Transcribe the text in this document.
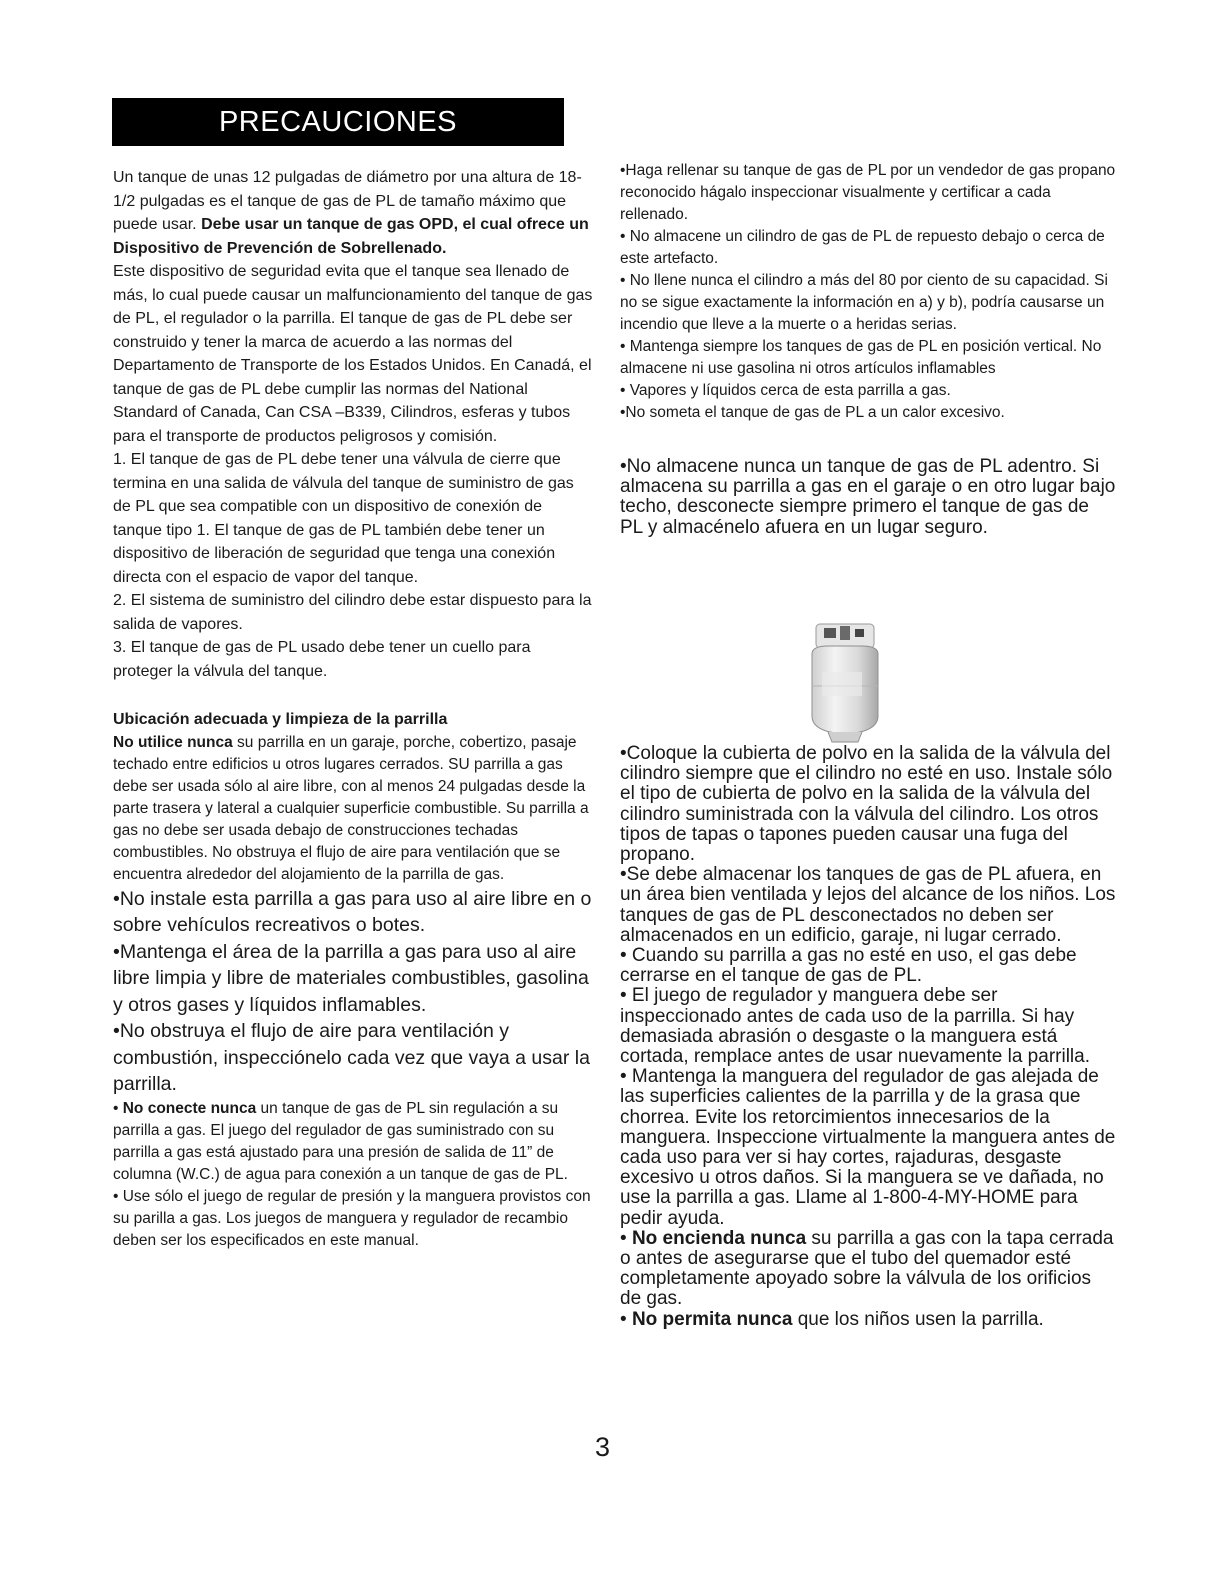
PRECAUCIONES

Un tanque de unas 12 pulgadas de diámetro por una altura de 18-1/2 pulgadas es el tanque de gas de PL de tamaño máximo que puede usar. Debe usar un tanque de gas OPD, el cual ofrece un Dispositivo de Prevención de Sobrellenado.

Este dispositivo de seguridad evita que el tanque sea llenado de más, lo cual puede causar un malfuncionamiento del tanque de gas de PL, el regulador o la parrilla. El tanque de gas de PL debe ser construido y tener la marca de acuerdo a las normas del Departamento de Transporte de los Estados Unidos. En Canadá, el tanque de gas de PL debe cumplir las normas del National Standard of Canada, Can CSA –B339, Cilindros, esferas y tubos para el transporte de productos peligrosos y comisión.

1. El tanque de gas de PL debe tener una válvula de cierre que termina en una salida de válvula del tanque de suministro de gas de PL que sea compatible con un dispositivo de conexión de tanque tipo 1. El tanque de gas de PL también debe tener un dispositivo de liberación de seguridad que tenga una conexión directa con el espacio de vapor del tanque.

2. El sistema de suministro del cilindro debe estar dispuesto para la salida de vapores.

3. El tanque de gas de PL usado debe tener un cuello para proteger la válvula del tanque.

Ubicación adecuada y limpieza de la parrilla

No utilice nunca su parrilla en un garaje, porche, cobertizo, pasaje techado entre edificios u otros lugares cerrados. SU parrilla a gas debe ser usada sólo al aire libre, con al menos 24 pulgadas desde la parte trasera y lateral a cualquier superficie combustible. Su parrilla a gas no debe ser usada debajo de construcciones techadas combustibles. No obstruya el flujo de aire para ventilación que se encuentra alrededor del alojamiento de la parrilla de gas.

•No instale esta parrilla a gas para uso al aire libre en o sobre vehículos recreativos o botes.

•Mantenga el área de la parrilla a gas para uso al aire libre limpia y libre de materiales combustibles, gasolina y otros gases y líquidos inflamables.

•No obstruya el flujo de aire para ventilación y combustión, inspecciónelo cada vez que vaya a usar la parrilla.

• No conecte nunca un tanque de gas de PL sin regulación a su parrilla a gas. El juego del regulador de gas suministrado con su parrilla a gas está ajustado para una presión de salida de 11” de columna (W.C.) de agua para conexión a un tanque de gas de PL.

• Use sólo el juego de regular de presión y la manguera provistos con su parilla a gas. Los juegos de manguera y regulador de recambio deben ser los especificados en este manual.

•Haga rellenar su tanque de gas de PL por un vendedor de gas propano reconocido hágalo inspeccionar visualmente y certificar a cada rellenado.

• No almacene un cilindro de gas de PL de repuesto debajo o cerca de este artefacto.

• No llene nunca el cilindro a más del 80 por ciento de su capacidad. Si no se sigue exactamente la información en a) y b), podría causarse un incendio que lleve a la muerte o a heridas serias.

• Mantenga siempre los tanques de gas de PL en posición vertical. No almacene ni use gasolina ni otros artículos inflamables

• Vapores y líquidos cerca de esta parrilla a gas.

•No someta el tanque de gas de PL a un calor excesivo.

•No almacene nunca un tanque de gas de PL adentro. Si almacena su parrilla a gas en el garaje o en otro lugar bajo techo, desconecte siempre primero el tanque de gas de PL y almacénelo afuera en un lugar seguro.

•Coloque la cubierta de polvo en la salida de la válvula del cilindro siempre que el cilindro no esté en uso. Instale sólo el tipo de cubierta de polvo en la salida de la válvula del cilindro suministrada con la válvula del cilindro. Los otros tipos de tapas o tapones pueden causar una fuga del propano.

•Se debe almacenar los tanques de gas de PL afuera, en un área bien ventilada y lejos del alcance de los niños. Los tanques de gas de PL desconectados no deben ser almacenados en un edificio, garaje, ni lugar cerrado.

• Cuando su parrilla a gas no esté en uso, el gas debe cerrarse en el tanque de gas de PL.

• El juego de regulador y manguera debe ser inspeccionado antes de cada uso de la parrilla. Si hay demasiada abrasión o desgaste o la manguera está cortada, remplace antes de usar nuevamente la parrilla.

• Mantenga la manguera del regulador de gas alejada de las superficies calientes de la parrilla y de la grasa que chorrea. Evite los retorcimientos innecesarios de la manguera. Inspeccione virtualmente la manguera antes de cada uso para ver si hay cortes, rajaduras, desgaste excesivo u otros daños. Si la manguera se ve dañada, no use la parrilla a gas. Llame al 1-800-4-MY-HOME para pedir ayuda.

• No encienda nunca su parrilla a gas con la tapa cerrada o antes de asegurarse que el tubo del quemador esté completamente apoyado sobre la válvula de los orificios de gas.

• No permita nunca que los niños usen la parrilla.

3
